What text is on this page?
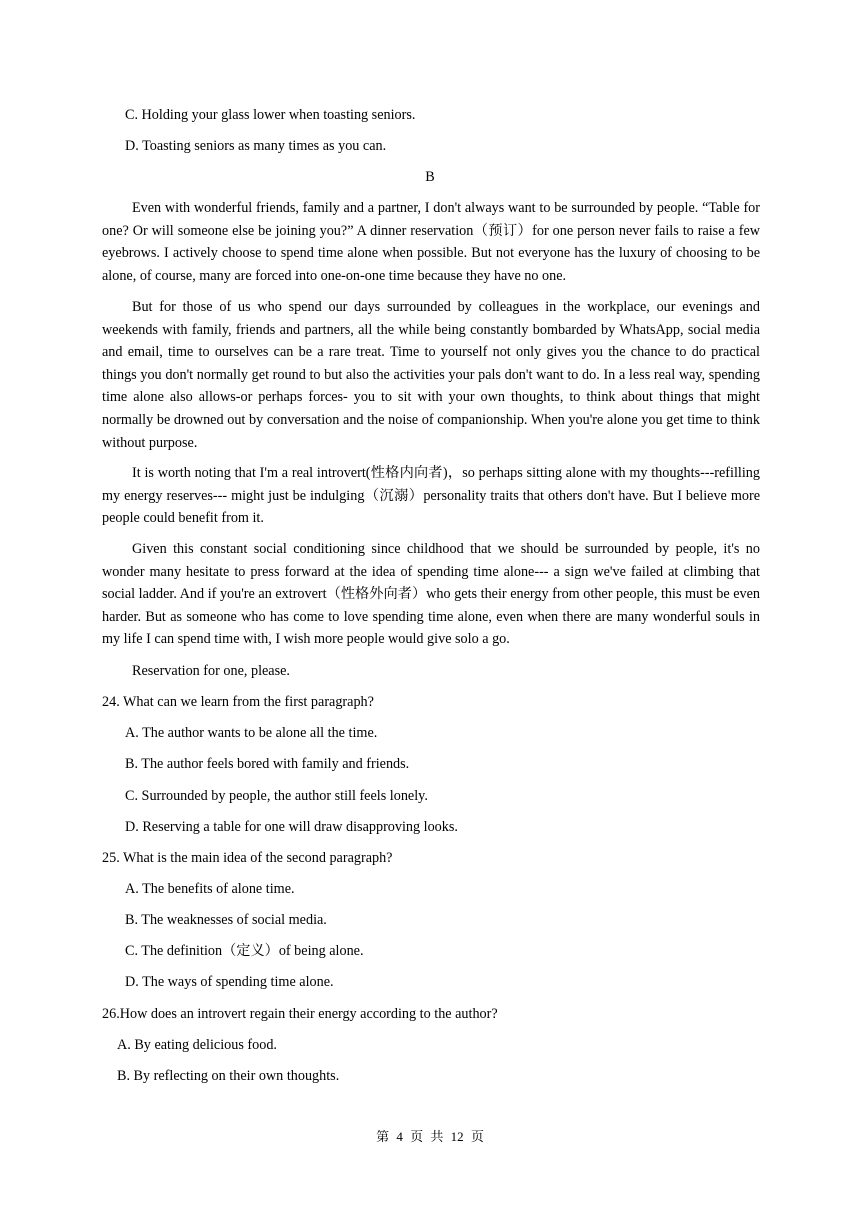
C. Holding your glass lower when toasting seniors.
D. Toasting seniors as many times as you can.
B
Even with wonderful friends, family and a partner, I don't always want to be surrounded by people. “Table for one? Or will someone else be joining you?” A dinner reservation（预订）for one person never fails to raise a few eyebrows. I actively choose to spend time alone when possible. But not everyone has the luxury of choosing to be alone, of course, many are forced into one-on-one time because they have no one.
But for those of us who spend our days surrounded by colleagues in the workplace, our evenings and weekends with family, friends and partners, all the while being constantly bombarded by WhatsApp, social media and email, time to ourselves can be a rare treat. Time to yourself not only gives you the chance to do practical things you don't normally get round to but also the activities your pals don't want to do. In a less real way, spending time alone also allows-or perhaps forces- you to sit with your own thoughts, to think about things that might normally be drowned out by conversation and the noise of companionship. When you're alone you get time to think without purpose.
It is worth noting that I'm a real introvert(性格内向者)，so perhaps sitting alone with my thoughts---refilling my energy reserves--- might just be indulging（沉溺）personality traits that others don't have. But I believe more people could benefit from it.
Given this constant social conditioning since childhood that we should be surrounded by people, it's no wonder many hesitate to press forward at the idea of spending time alone--- a sign we've failed at climbing that social ladder. And if you're an extrovert（性格外向者）who gets their energy from other people, this must be even harder. But as someone who has come to love spending time alone, even when there are many wonderful souls in my life I can spend time with, I wish more people would give solo a go.
Reservation for one, please.
24. What can we learn from the first paragraph?
A. The author wants to be alone all the time.
B. The author feels bored with family and friends.
C. Surrounded by people, the author still feels lonely.
D. Reserving a table for one will draw disapproving looks.
25. What is the main idea of the second paragraph?
A. The benefits of alone time.
B. The weaknesses of social media.
C. The definition（定义）of being alone.
D. The ways of spending time alone.
26.How does an introvert regain their energy according to the author?
A. By eating delicious food.
B. By reflecting on their own thoughts.
第 4 页 共 12 页
